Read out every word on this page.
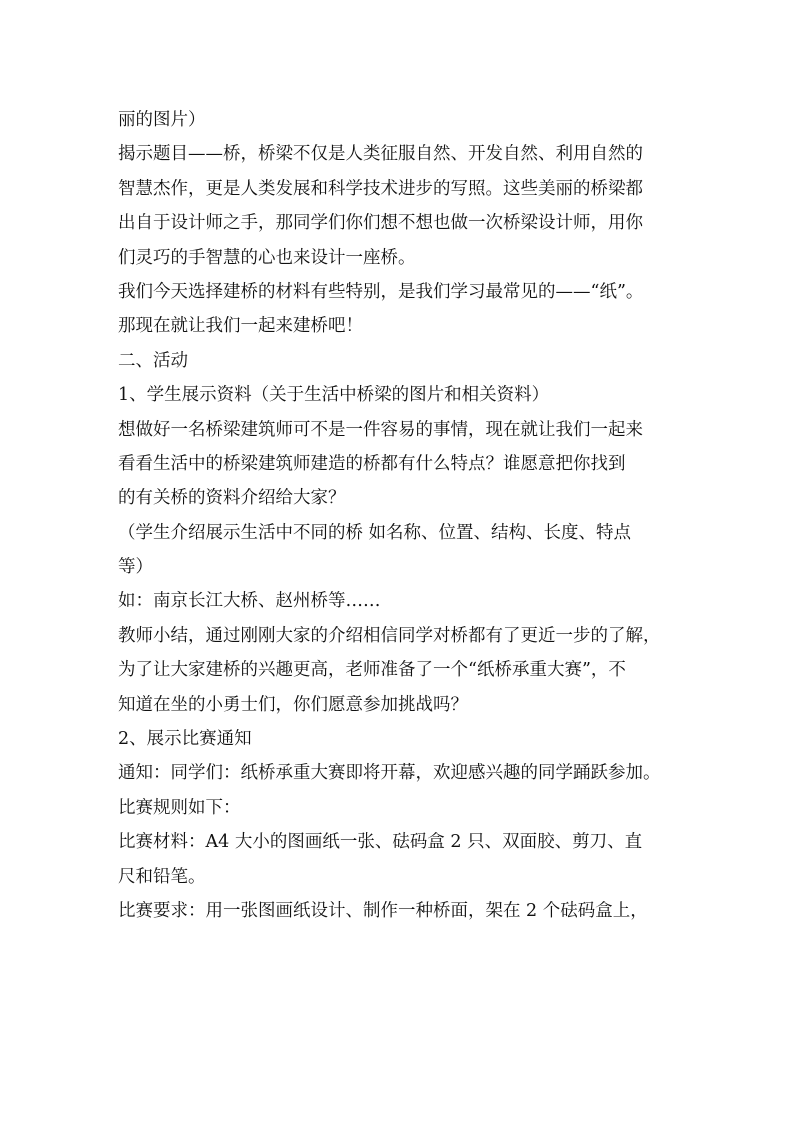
丽的图片）
揭示题目——桥，桥梁不仅是人类征服自然、开发自然、利用自然的
智慧杰作，更是人类发展和科学技术进步的写照。这些美丽的桥梁都
出自于设计师之手，那同学们你们想不想也做一次桥梁设计师，用你
们灵巧的手智慧的心也来设计一座桥。
我们今天选择建桥的材料有些特别，是我们学习最常见的——“纸”。
那现在就让我们一起来建桥吧！
二、活动
1、学生展示资料（关于生活中桥梁的图片和相关资料）
想做好一名桥梁建筑师可不是一件容易的事情，现在就让我们一起来
看看生活中的桥梁建筑师建造的桥都有什么特点？谁愿意把你找到
的有关桥的资料介绍给大家？
（学生介绍展示生活中不同的桥 如名称、位置、结构、长度、特点
等）
如：南京长江大桥、赵州桥等……
教师小结，通过刚刚大家的介绍相信同学对桥都有了更近一步的了解，
为了让大家建桥的兴趣更高，老师准备了一个“纸桥承重大赛”，不
知道在坐的小勇士们，你们愿意参加挑战吗？
2、展示比赛通知
通知：同学们：纸桥承重大赛即将开幕，欢迎感兴趣的同学踊跃参加。
比赛规则如下：
比赛材料：A4 大小的图画纸一张、砝码盒 2 只、双面胶、剪刀、直
尺和铅笔。
比赛要求：用一张图画纸设计、制作一种桥面，架在 2 个砝码盒上，
